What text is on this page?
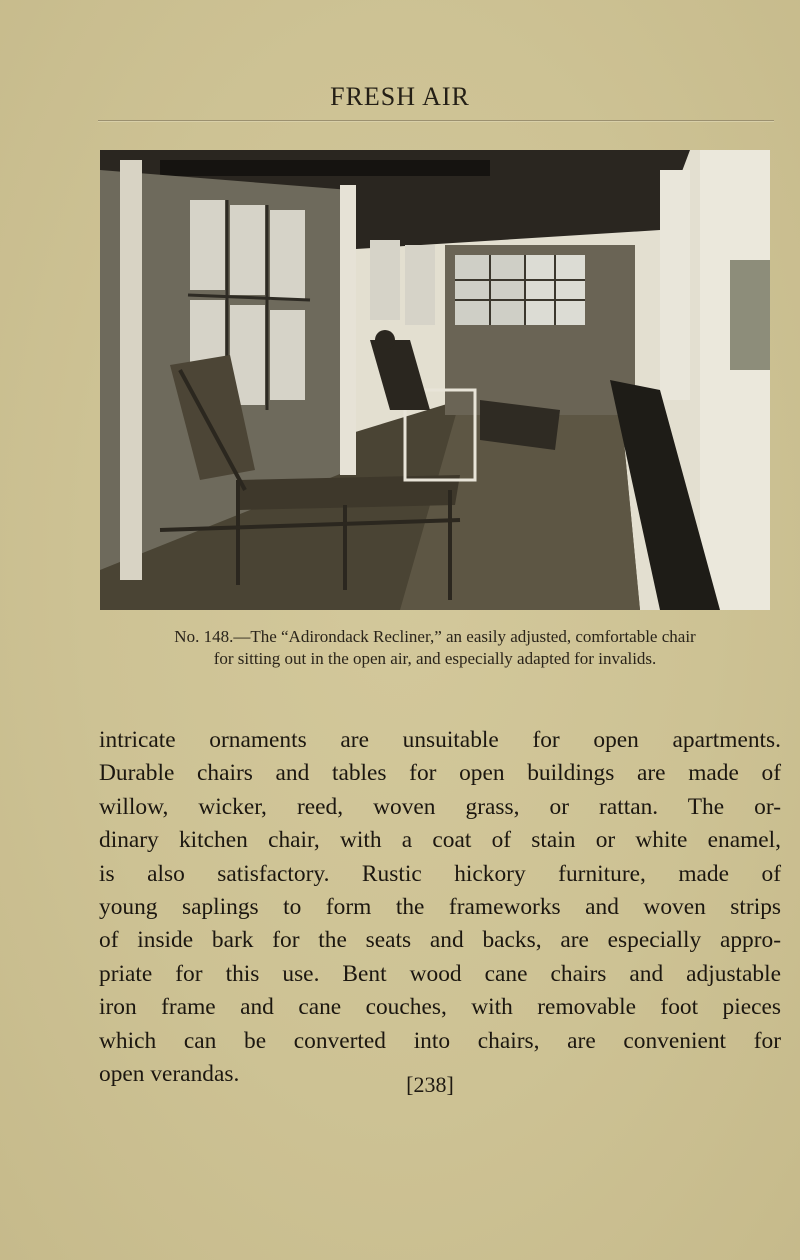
FRESH AIR
No. 148.—The “Adirondack Recliner,” an easily adjusted, comfortable chair
for sitting out in the open air, and especially adapted for invalids.
intricate ornaments are unsuitable for open apartments.
Durable chairs and tables for open buildings are made of
willow, wicker, reed, woven grass, or rattan. The or-
dinary kitchen chair, with a coat of stain or white enamel,
is also satisfactory. Rustic hickory furniture, made of
young saplings to form the frameworks and woven strips
of inside bark for the seats and backs, are especially appro-
priate for this use. Bent wood cane chairs and adjustable
iron frame and cane couches, with removable foot pieces
which can be converted into chairs, are convenient for
open verandas.	[238]
